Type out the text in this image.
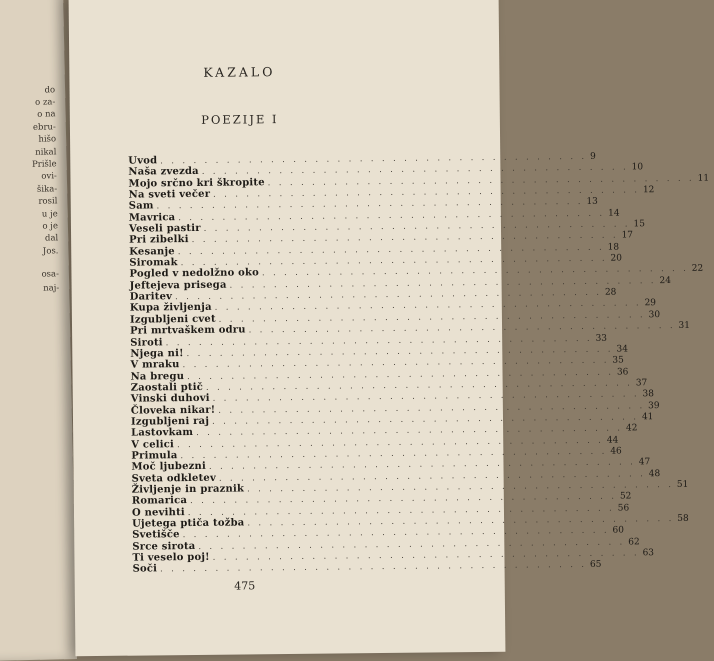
do
o za-
o na
ebru-
hišo
nikal
Prišle
ovi-
šika-
rosil
u je
o je
dal
Jos.
osa-
naj-
KAZALO
POEZIJE I
Uvod . . . . . . . . . . . . . . . . . . . . . . . . . . . . . . . . . . . . . . . 9
Naša zvezda . . . . . . . . . . . . . . . . . . . . . . . . . . . . . . . . . . . . . . . 10
Mojo srčno kri škropite . . . . . . . . . . . . . . . . . . . . . . . . . . . . . . . . . . . . . . . 11
Na sveti večer . . . . . . . . . . . . . . . . . . . . . . . . . . . . . . . . . . . . . . . 12
Sam . . . . . . . . . . . . . . . . . . . . . . . . . . . . . . . . . . . . . . . 13
Mavrica . . . . . . . . . . . . . . . . . . . . . . . . . . . . . . . . . . . . . . . 14
Veseli pastir . . . . . . . . . . . . . . . . . . . . . . . . . . . . . . . . . . . . . . . 15
Pri zibelki . . . . . . . . . . . . . . . . . . . . . . . . . . . . . . . . . . . . . . . 17
Kesanje . . . . . . . . . . . . . . . . . . . . . . . . . . . . . . . . . . . . . . . 18
Siromak . . . . . . . . . . . . . . . . . . . . . . . . . . . . . . . . . . . . . . . 20
Pogled v nedolžno oko . . . . . . . . . . . . . . . . . . . . . . . . . . . . . . . . . . . . . . . 22
Jeftejeva prisega . . . . . . . . . . . . . . . . . . . . . . . . . . . . . . . . . . . . . . . 24
Daritev . . . . . . . . . . . . . . . . . . . . . . . . . . . . . . . . . . . . . . . 28
Kupa življenja . . . . . . . . . . . . . . . . . . . . . . . . . . . . . . . . . . . . . . . 29
Izgubljeni cvet . . . . . . . . . . . . . . . . . . . . . . . . . . . . . . . . . . . . . . . 30
Pri mrtvaškem odru . . . . . . . . . . . . . . . . . . . . . . . . . . . . . . . . . . . . . . . 31
Siroti . . . . . . . . . . . . . . . . . . . . . . . . . . . . . . . . . . . . . . . 33
Njega ni! . . . . . . . . . . . . . . . . . . . . . . . . . . . . . . . . . . . . . . . 34
V mraku . . . . . . . . . . . . . . . . . . . . . . . . . . . . . . . . . . . . . . . 35
Na bregu . . . . . . . . . . . . . . . . . . . . . . . . . . . . . . . . . . . . . . . 36
Zaostali ptič . . . . . . . . . . . . . . . . . . . . . . . . . . . . . . . . . . . . . . . 37
Vinski duhovi . . . . . . . . . . . . . . . . . . . . . . . . . . . . . . . . . . . . . . . 38
Človeka nikar! . . . . . . . . . . . . . . . . . . . . . . . . . . . . . . . . . . . . . . . 39
Izgubljeni raj . . . . . . . . . . . . . . . . . . . . . . . . . . . . . . . . . . . . . . . 41
Lastovkam . . . . . . . . . . . . . . . . . . . . . . . . . . . . . . . . . . . . . . . 42
V celici . . . . . . . . . . . . . . . . . . . . . . . . . . . . . . . . . . . . . . . 44
Primula . . . . . . . . . . . . . . . . . . . . . . . . . . . . . . . . . . . . . . . 46
Moč ljubezni . . . . . . . . . . . . . . . . . . . . . . . . . . . . . . . . . . . . . . . 47
Sveta odkletev . . . . . . . . . . . . . . . . . . . . . . . . . . . . . . . . . . . . . . . 48
Življenje in praznik . . . . . . . . . . . . . . . . . . . . . . . . . . . . . . . . . . . . . . . 51
Romarica . . . . . . . . . . . . . . . . . . . . . . . . . . . . . . . . . . . . . . . 52
O nevihti . . . . . . . . . . . . . . . . . . . . . . . . . . . . . . . . . . . . . . . 56
Ujetega ptiča tožba . . . . . . . . . . . . . . . . . . . . . . . . . . . . . . . . . . . . . . . 58
Svetišče . . . . . . . . . . . . . . . . . . . . . . . . . . . . . . . . . . . . . . . 60
Srce sirota . . . . . . . . . . . . . . . . . . . . . . . . . . . . . . . . . . . . . . . 62
Ti veselo poj! . . . . . . . . . . . . . . . . . . . . . . . . . . . . . . . . . . . . . . . 63
Soči . . . . . . . . . . . . . . . . . . . . . . . . . . . . . . . . . . . . . . . 65
475
